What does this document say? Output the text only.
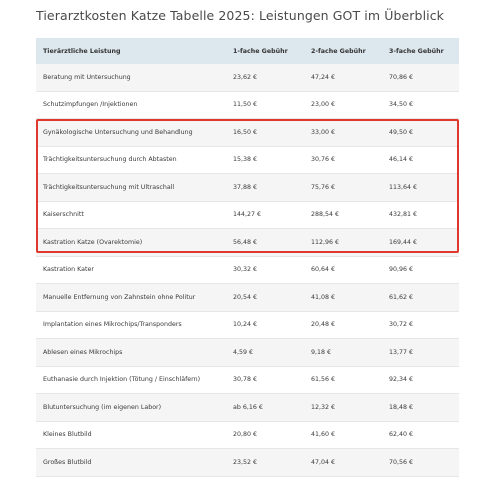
Tierarztkosten Katze Tabelle 2025: Leistungen GOT im Überblick
Tierärztliche Leistung	1-fache Gebühr	2-fache Gebühr	3-fache Gebühr
Beratung mit Untersuchung	23,62 €	47,24 €	70,86 €
Schutzimpfungen /Injektionen	11,50 €	23,00 €	34,50 €
Gynäkologische Untersuchung und Behandlung	16,50 €	33,00 €	49,50 €
Trächtigkeitsuntersuchung durch Abtasten	15,38 €	30,76 €	46,14 €
Trächtigkeitsuntersuchung mit Ultraschall	37,88 €	75,76 €	113,64 €
Kaiserschnitt	144,27 €	288,54 €	432,81 €
Kastration Katze (Ovarektomie)	56,48 €	112,96 €	169,44 €
Kastration Kater	30,32 €	60,64 €	90,96 €
Manuelle Entfernung von Zahnstein ohne Politur	20,54 €	41,08 €	61,62 €
Implantation eines Mikrochips/Transponders	10,24 €	20,48 €	30,72 €
Ablesen eines Mikrochips	4,59 €	9,18 €	13,77 €
Euthanasie durch Injektion (Tötung / Einschläfern)	30,78 €	61,56 €	92,34 €
Blutuntersuchung (im eigenen Labor)	ab 6,16 €	12,32 €	18,48 €
Kleines Blutbild	20,80 €	41,60 €	62,40 €
Großes Blutbild	23,52 €	47,04 €	70,56 €
